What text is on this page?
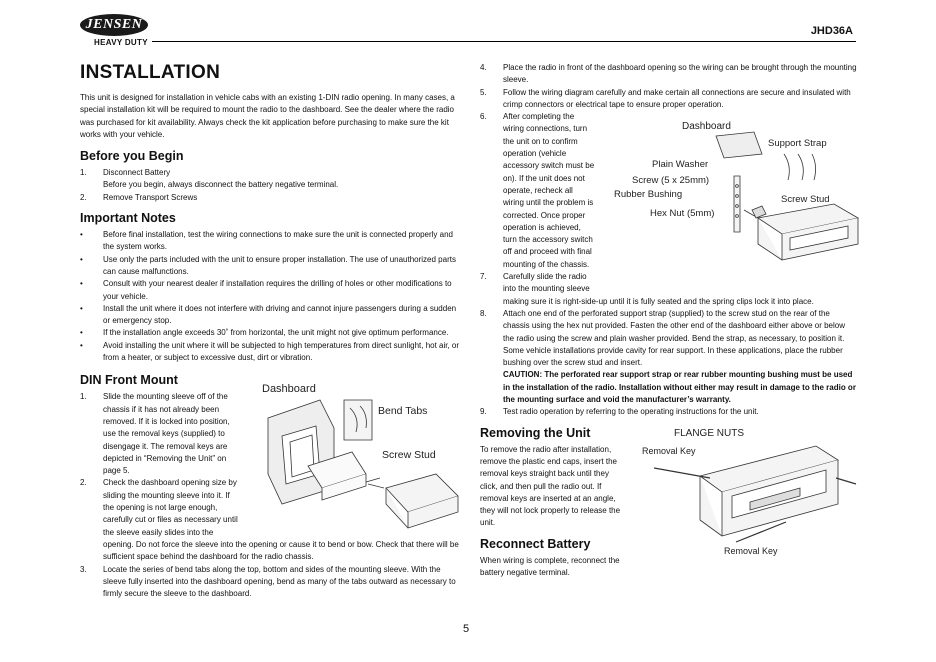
JENSEN
HEAVY DUTY
JHD36A
INSTALLATION

This unit is designed for installation in vehicle cabs with an existing 1-DIN radio opening. In many cases, a special installation kit will be required to mount the radio to the dashboard. See the dealer where the radio was purchased for kit availability. Always check the kit application before purchasing to make sure the kit works with your vehicle.

Before you Begin
1. Disconnect Battery
Before you begin, always disconnect the battery negative terminal.
2. Remove Transport Screws
Important Notes
•	Before final installation, test the wiring connections to make sure the unit is connected properly and the system works.
•	Use only the parts included with the unit to ensure proper installation. The use of unauthorized parts can cause malfunctions.
•	Consult with your nearest dealer if installation requires the drilling of holes or other modifications to your vehicle.
•	Install the unit where it does not interfere with driving and cannot injure passengers during a sudden or emergency stop.
•	If the installation angle exceeds 30˚ from horizontal, the unit might not give optimum performance.
•	Avoid installing the unit where it will be subjected to high temperatures from direct sunlight, hot air, or from a heater, or subject to excessive dust, dirt or vibration.
DIN Front Mount
1. Slide the mounting sleeve off of the
chassis if it has not already been
removed. If it is locked into position,
use the removal keys (supplied) to
disengage it. The removal keys are
depicted in “Removing the Unit” on
page 5.
2. Check the dashboard opening size by
sliding the mounting sleeve into it. If
the opening is not large enough,
carefully cut or files as necessary until
the sleeve easily slides into the
opening. Do not force the sleeve into the opening or cause it to bend or bow. Check that there will be sufficient space behind the dashboard for the radio chassis.
3. Locate the series of bend tabs along the top, bottom and sides of the mounting sleeve. With the sleeve fully inserted into the dashboard opening, bend as many of the tabs outward as necessary to firmly secure the sleeve to the dashboard.
Dashboard
Bend Tabs
Screw Stud
4. Place the radio in front of the dashboard opening so the wiring can be brought through the mounting sleeve.
5. Follow the wiring diagram carefully and make certain all connections are secure and insulated with crimp connectors or electrical tape to ensure proper operation.
6. After completing the
wiring connections, turn
the unit on to confirm
operation (vehicle
accessory switch must be
on). If the unit does not
operate, recheck all
wiring until the problem is
corrected. Once proper
operation is achieved,
turn the accessory switch
off and proceed with final
mounting of the chassis.
7. Carefully slide the radio
into the mounting sleeve
making sure it is right-side-up until it is fully seated and the spring clips lock it into place.
8. Attach one end of the perforated support strap (supplied) to the screw stud on the rear of the chassis using the hex nut provided. Fasten the other end of the dashboard either above or below the radio using the screw and plain washer provided. Bend the strap, as necessary, to position it. Some vehicle installations provide cavity for rear support. In these applications, place the rubber bushing over the screw stud and insert.
CAUTION: The perforated rear support strap or rear rubber mounting bushing must be used in the installation of the radio. Installation without either may result in damage to the radio or the mounting surface and void the manufacturer’s warranty.
9. Test radio operation by referring to the operating instructions for the unit.
Removing the Unit
To remove the radio after installation,
remove the plastic end caps, insert the
removal keys straight back until they
click, and then pull the radio out. If
removal keys are inserted at an angle,
they will not lock properly to release the
unit.
Reconnect Battery
When wiring is complete, reconnect the
battery negative terminal.
Dashboard
Support Strap
Plain Washer
Screw (5 x 25mm)
Rubber Bushing	Screw Stud
Hex Nut (5mm)
FLANGE NUTS
Removal Key
Removal Key
5
